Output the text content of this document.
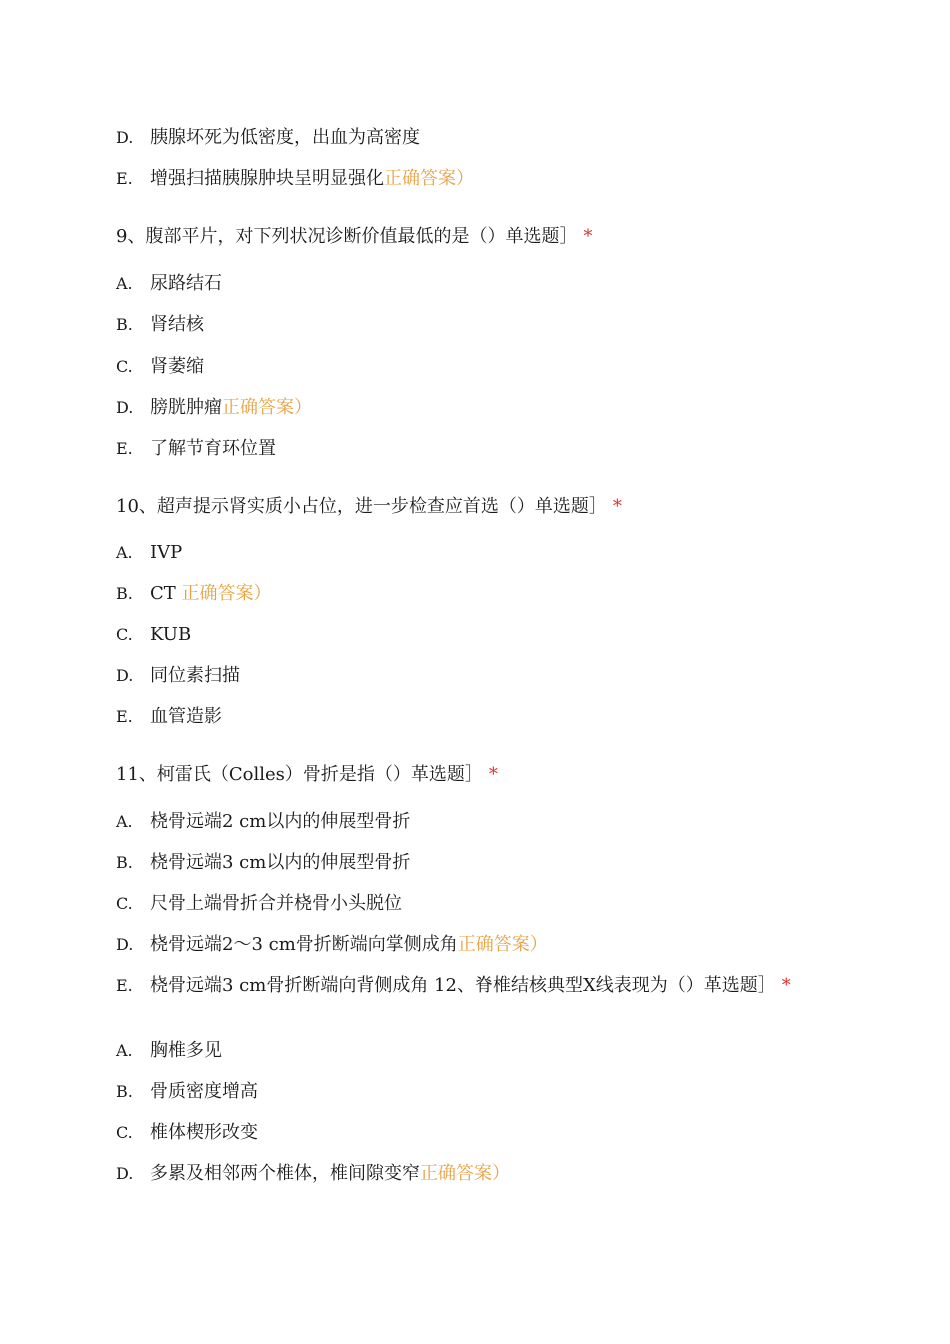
D. 胰腺坏死为低密度，出血为高密度
E. 增强扫描胰腺肿块呈明显强化正确答案）
9、腹部平片，对下列状况诊断价值最低的是（）单选题］ *
A. 尿路结石
B. 肾结核
C. 肾萎缩
D. 膀胱肿瘤正确答案）
E. 了解节育环位置
10、超声提示肾实质小占位，进一步检查应首选（）单选题］ *
A. IVP
B. CT 正确答案）
C. KUB
D. 同位素扫描
E. 血管造影
11、柯雷氏（Colles）骨折是指（）革选题］ *
A. 桡骨远端2 cm以内的伸展型骨折
B. 桡骨远端3 cm以内的伸展型骨折
C. 尺骨上端骨折合并桡骨小头脱位
D. 桡骨远端2〜3 cm骨折断端向掌侧成角正确答案）
E. 桡骨远端3 cm骨折断端向背侧成角 12、脊椎结核典型X线表现为（）革选题］ *
A. 胸椎多见
B. 骨质密度增高
C. 椎体楔形改变
D. 多累及相邻两个椎体，椎间隙变窄正确答案）
